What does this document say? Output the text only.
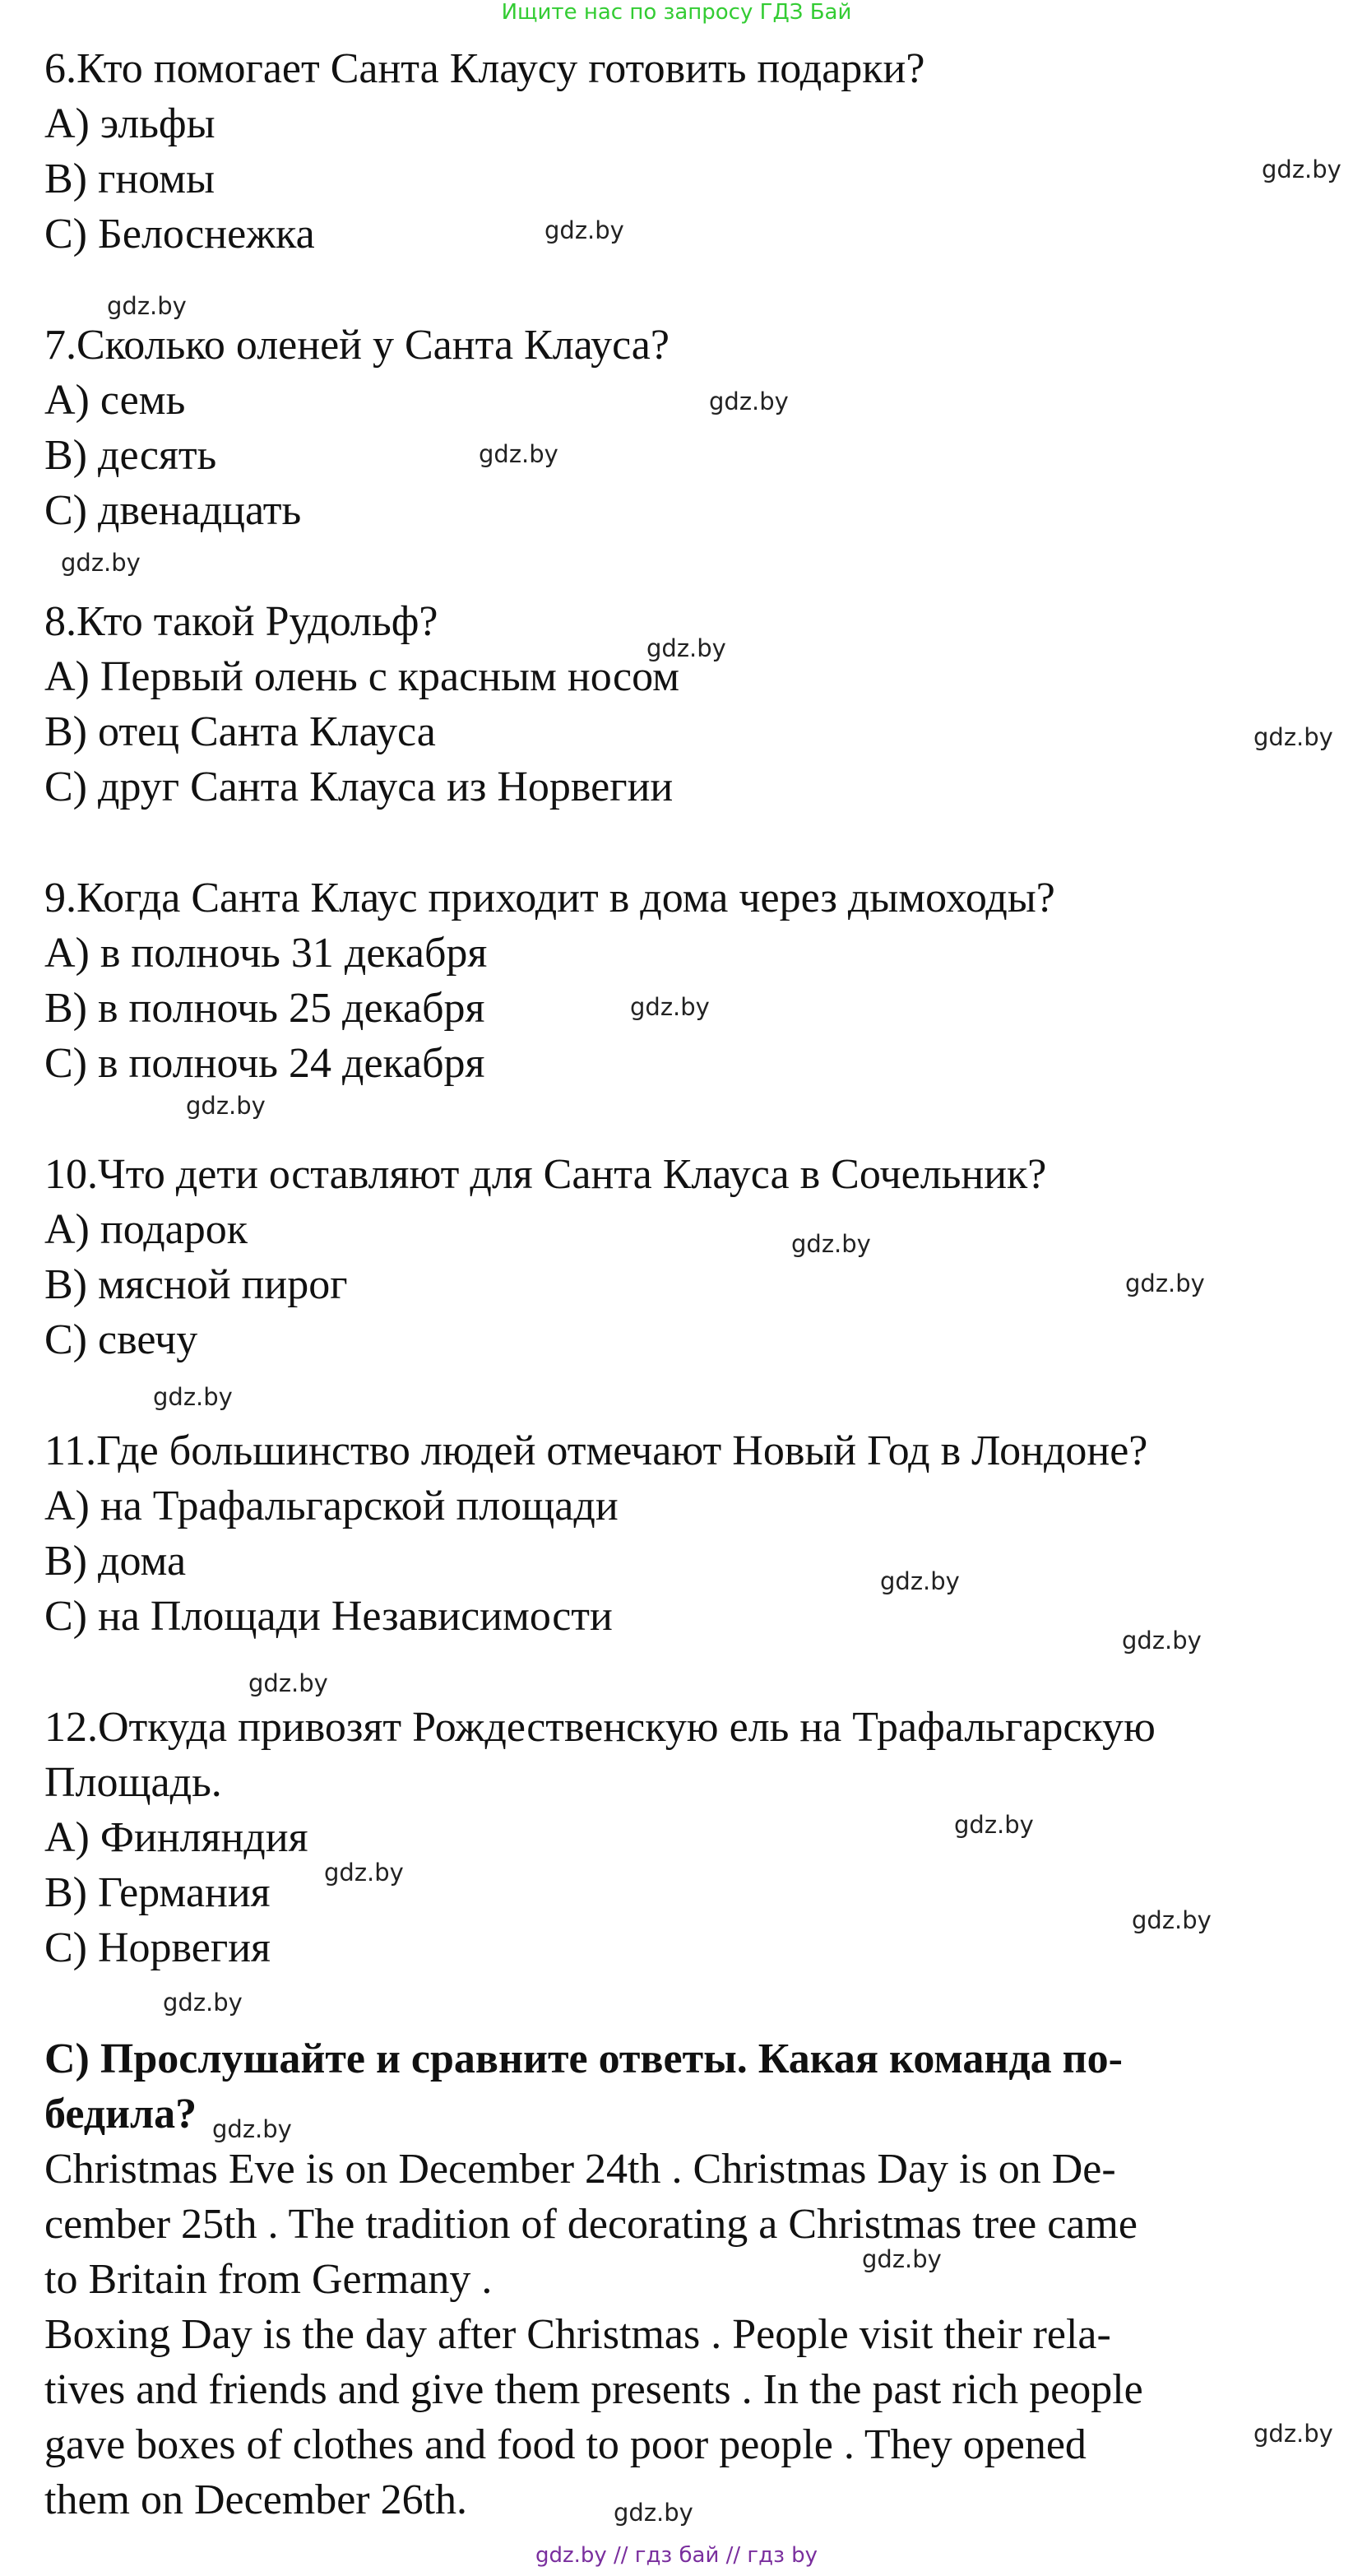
Ищите нас по запросу ГДЗ Бай
6.Кто помогает Санта Клаусу готовить подарки?
A) эльфы
B) гномы
C) Белоснежка
7.Сколько оленей у Санта Клауса?
A) семь
B) десять
C) двенадцать
8.Кто такой Рудольф?
A) Первый олень с красным носом
B) отец Санта Клауса
C) друг Санта Клауса из Норвегии
9.Когда Санта Клаус приходит в дома через дымоходы?
A) в полночь 31 декабря
B) в полночь 25 декабря
C) в полночь 24 декабря
10.Что дети оставляют для Санта Клауса в Сочельник?
A) подарок
B) мясной пирог
C) свечу
11.Где большинство людей отмечают Новый Год в Лондоне?
A) на Трафальгарской площади
B) дома
C) на Площади Независимости
12.Откуда привозят Рождественскую ель на Трафальгарскую
Площадь.
A) Финляндия
B) Германия
C) Норвегия
C) Прослушайте и сравните ответы. Какая команда по-
бедила?
Christmas Eve is on December 24th . Christmas Day is on De-
cember 25th . The tradition of decorating a Christmas tree came
to Britain from Germany .
Boxing Day is the day after Christmas . People visit their rela-
tives and friends and give them presents . In the past rich people
gave boxes of clothes and food to poor people . They opened
them on December 26th.
gdz.by
gdz.by
gdz.by
gdz.by
gdz.by
gdz.by
gdz.by
gdz.by
gdz.by
gdz.by
gdz.by
gdz.by
gdz.by
gdz.by
gdz.by
gdz.by
gdz.by
gdz.by
gdz.by
gdz.by
gdz.by
gdz.by
gdz.by
gdz.by
gdz.by // гдз бай // гдз by
